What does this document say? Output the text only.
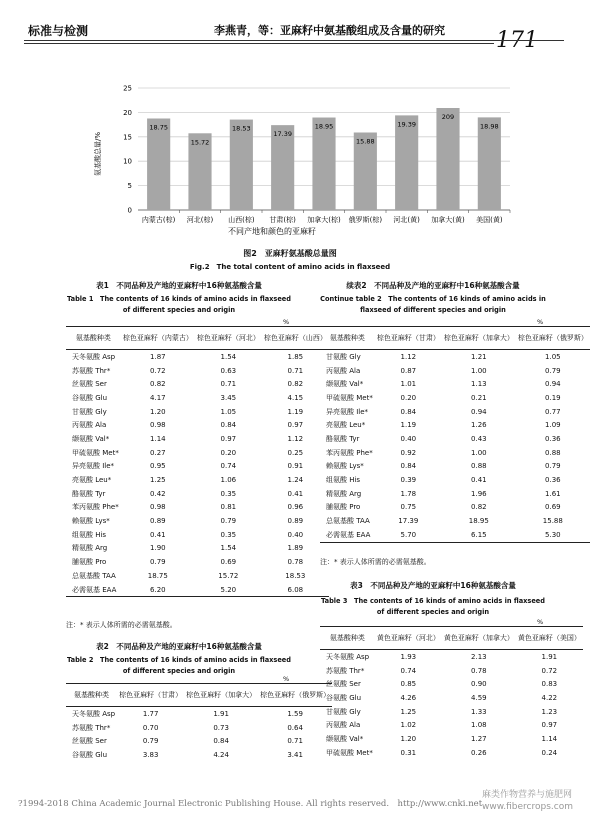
标准与检测	李燕青，等：亚麻籽中氨基酸组成及含量的研究 171
18.75
15.72
18.53
17.39
18.95
15.88
19.39
209
18.98
0
5
10
15
20
25
内蒙古(棕) 河北(棕) 山西(棕) 甘肃(棕) 加拿大(棕) 俄罗斯(棕) 河北(黄) 加拿大(黄) 美国(黄)
氨基酸总量/%
不同产地和颜色的亚麻籽
图2　亚麻籽氨基酸总量图
Fig.2　The total content of amino acids in flaxseed
表1　不同品种及产地的亚麻籽中16种氨基酸含量
Table 1　The contents of 16 kinds of amino acids in flaxseed of different species and origin
%
氨基酸种类	棕色亚麻籽（内蒙古）	棕色亚麻籽（河北）	棕色亚麻籽（山西）
天冬氨酸 Asp	1.87	1.54	1.85
苏氨酸 Thr*	0.72	0.63	0.71
丝氨酸 Ser	0.82	0.71	0.82
谷氨酸 Glu	4.17	3.45	4.15
甘氨酸 Gly	1.20	1.05	1.19
丙氨酸 Ala	0.98	0.84	0.97
缬氨酸 Val*	1.14	0.97	1.12
甲硫氨酸 Met*	0.27	0.20	0.25
异亮氨酸 Ile*	0.95	0.74	0.91
亮氨酸 Leu*	1.25	1.06	1.24
酪氨酸 Tyr	0.42	0.35	0.41
苯丙氨酸 Phe*	0.98	0.81	0.96
赖氨酸 Lys*	0.89	0.79	0.89
组氨酸 His	0.41	0.35	0.40
精氨酸 Arg	1.90	1.54	1.89
脯氨酸 Pro	0.79	0.69	0.78
总氨基酸 TAA	18.75	15.72	18.53
必需氨基 EAA	6.20	5.20	6.08
注：* 表示人体所需的必需氨基酸。
表2　不同品种及产地的亚麻籽中16种氨基酸含量
Table 2　The contents of 16 kinds of amino acids in flaxseed of different species and origin
%
氨基酸种类	棕色亚麻籽（甘肃）	棕色亚麻籽（加拿大）	棕色亚麻籽（俄罗斯）
天冬氨酸 Asp	1.77	1.91	1.59
苏氨酸 Thr*	0.70	0.73	0.64
丝氨酸 Ser	0.79	0.84	0.71
谷氨酸 Glu	3.83	4.24	3.41
续表2　不同品种及产地的亚麻籽中16种氨基酸含量
Continue table 2　The contents of 16 kinds of amino acids in flaxseed of different species and origin
%
氨基酸种类	棕色亚麻籽（甘肃）	棕色亚麻籽（加拿大）	棕色亚麻籽（俄罗斯）
甘氨酸 Gly	1.12	1.21	1.05
丙氨酸 Ala	0.87	1.00	0.79
缬氨酸 Val*	1.01	1.13	0.94
甲硫氨酸 Met*	0.20	0.21	0.19
异亮氨酸 Ile*	0.84	0.94	0.77
亮氨酸 Leu*	1.19	1.26	1.09
酪氨酸 Tyr	0.40	0.43	0.36
苯丙氨酸 Phe*	0.92	1.00	0.88
赖氨酸 Lys*	0.84	0.88	0.79
组氨酸 His	0.39	0.41	0.36
精氨酸 Arg	1.78	1.96	1.61
脯氨酸 Pro	0.75	0.82	0.69
总氨基酸 TAA	17.39	18.95	15.88
必需氨基 EAA	5.70	6.15	5.30
注：* 表示人体所需的必需氨基酸。
表3　不同品种及产地的亚麻籽中16种氨基酸含量
Table 3　The contents of 16 kinds of amino acids in flaxseed of different species and origin
%
氨基酸种类	黄色亚麻籽（河北）	黄色亚麻籽（加拿大）	黄色亚麻籽（美国）
天冬氨酸 Asp	1.93	2.13	1.91
苏氨酸 Thr*	0.74	0.78	0.72
丝氨酸 Ser	0.85	0.90	0.83
谷氨酸 Glu	4.26	4.59	4.22
甘氨酸 Gly	1.25	1.33	1.23
丙氨酸 Ala	1.02	1.08	0.97
缬氨酸 Val*	1.20	1.27	1.14
甲硫氨酸 Met*	0.31	0.26	0.24
?1994-2018 China Academic Journal Electronic Publishing House. All rights reserved.　http://www.cnki.net
麻类作物营养与施肥网
www.fibercrops.com
